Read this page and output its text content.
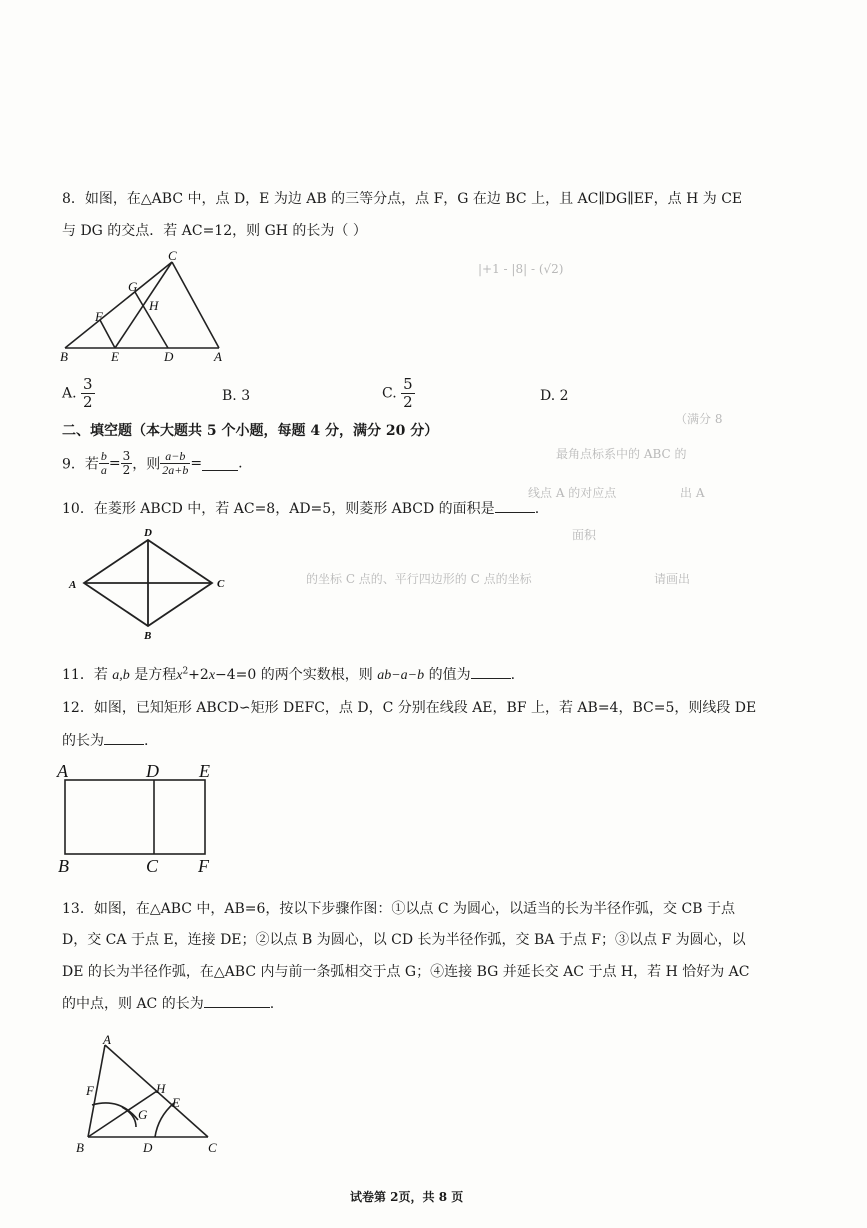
8．如图，在△ABC 中，点 D，E 为边 AB 的三等分点，点 F，G 在边 BC 上，且 AC∥DG∥EF，点 H 为 CE
与 DG 的交点．若 AC=12，则 GH 的长为（ ）
C
G
H
F
B	E	D	A
A. $\frac{3}{2}$	B. 3	C. $\frac{5}{2}$	D. 2
二、填空题（本大题共 5 个小题，每题 4 分，满分 20 分）
9．若 $\frac{b}{a} = \frac{3}{2}$ ，则 $\frac{a-b}{2a+b}$ =	.
10．在菱形 ABCD 中，若 AC=8，AD=5，则菱形 ABCD 的面积是	.
D
A	C
B
11．若 a,b 是方程$x^2+2x-4=0$ 的两个实数根，则 ab−a−b 的值为	.
12．如图，已知矩形 ABCD∽矩形 DEFC，点 D，C 分别在线段 AE，BF 上，若 AB=4，BC=5，则线段 DE
的长为	.
A	D E
B	C F
13．如图，在△ABC 中，AB=6，按以下步骤作图：①以点 C 为圆心，以适当的长为半径作弧，交 CB 于点
D，交 CA 于点 E，连接 DE；②以点 B 为圆心，以 CD 长为半径作弧，交 BA 于点 F；③以点 F 为圆心，以
DE 的长为半径作弧，在△ABC 内与前一条弧相交于点 G；④连接 BG 并延长交 AC 于点 H，若 H 恰好为 AC
的中点，则 AC 的长为	.
A
F	H
G
E
B	D	C
|+1 - |8| - (√2)
（满分 8
最角点标系中的 ABC 的
出 A
线点 A 的对应点
面积
的坐标 C 点的、平行四边形的 C 点的坐标	请画出
试卷第 2页，共 8 页
